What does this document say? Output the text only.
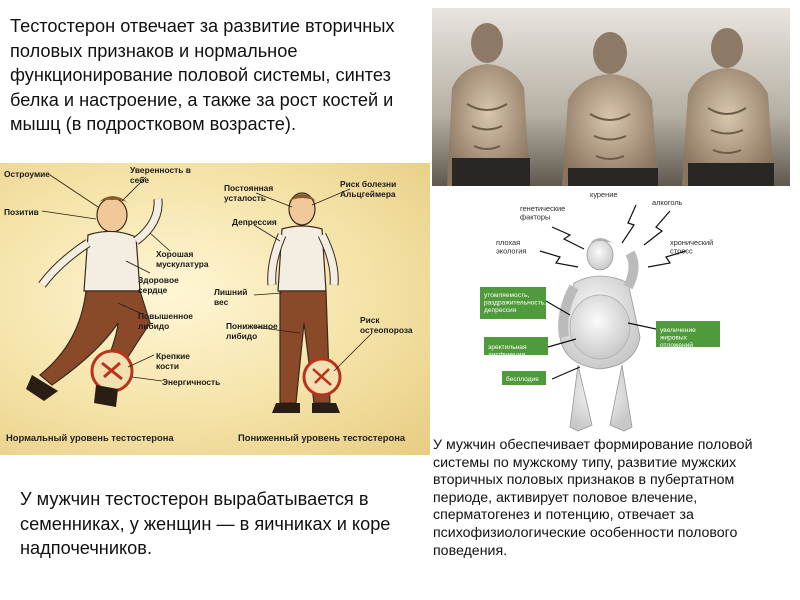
Тестостерон отвечает за развитие вторичных половых признаков и нормальное функционирование половой системы, синтез белка и настроение, а также за рост костей и мышц (в подростковом возрасте).
Остроумие	Уверенность в себе
Позитив
Хорошая мускулатура
Здоровое сердце
Повышенное либидо
Крепкие кости
Энергичность
Постоянная усталость
Риск болезни Альцгеймера
Депрессия
Лишний вес
Пониженное либидо
Риск остеопороза
Нормальный уровень тестостерона	Пониженный уровень тестостерона
курение
генетические факторы
алкоголь
плохая экология
хронический стресс
утомляемость, раздражительность, депрессия
эректильная дисфункция
бесплодие
увеличение жировых отложений
У мужчин тестостерон вырабатывается в семенниках, у женщин — в яичниках и коре надпочечников.
У мужчин обеспечивает формирование половой системы по мужскому типу, развитие мужских вторичных половых признаков в пубертатном периоде, активирует половое влечение, сперматогенез и потенцию, отвечает за психофизиологические особенности полового поведения.
